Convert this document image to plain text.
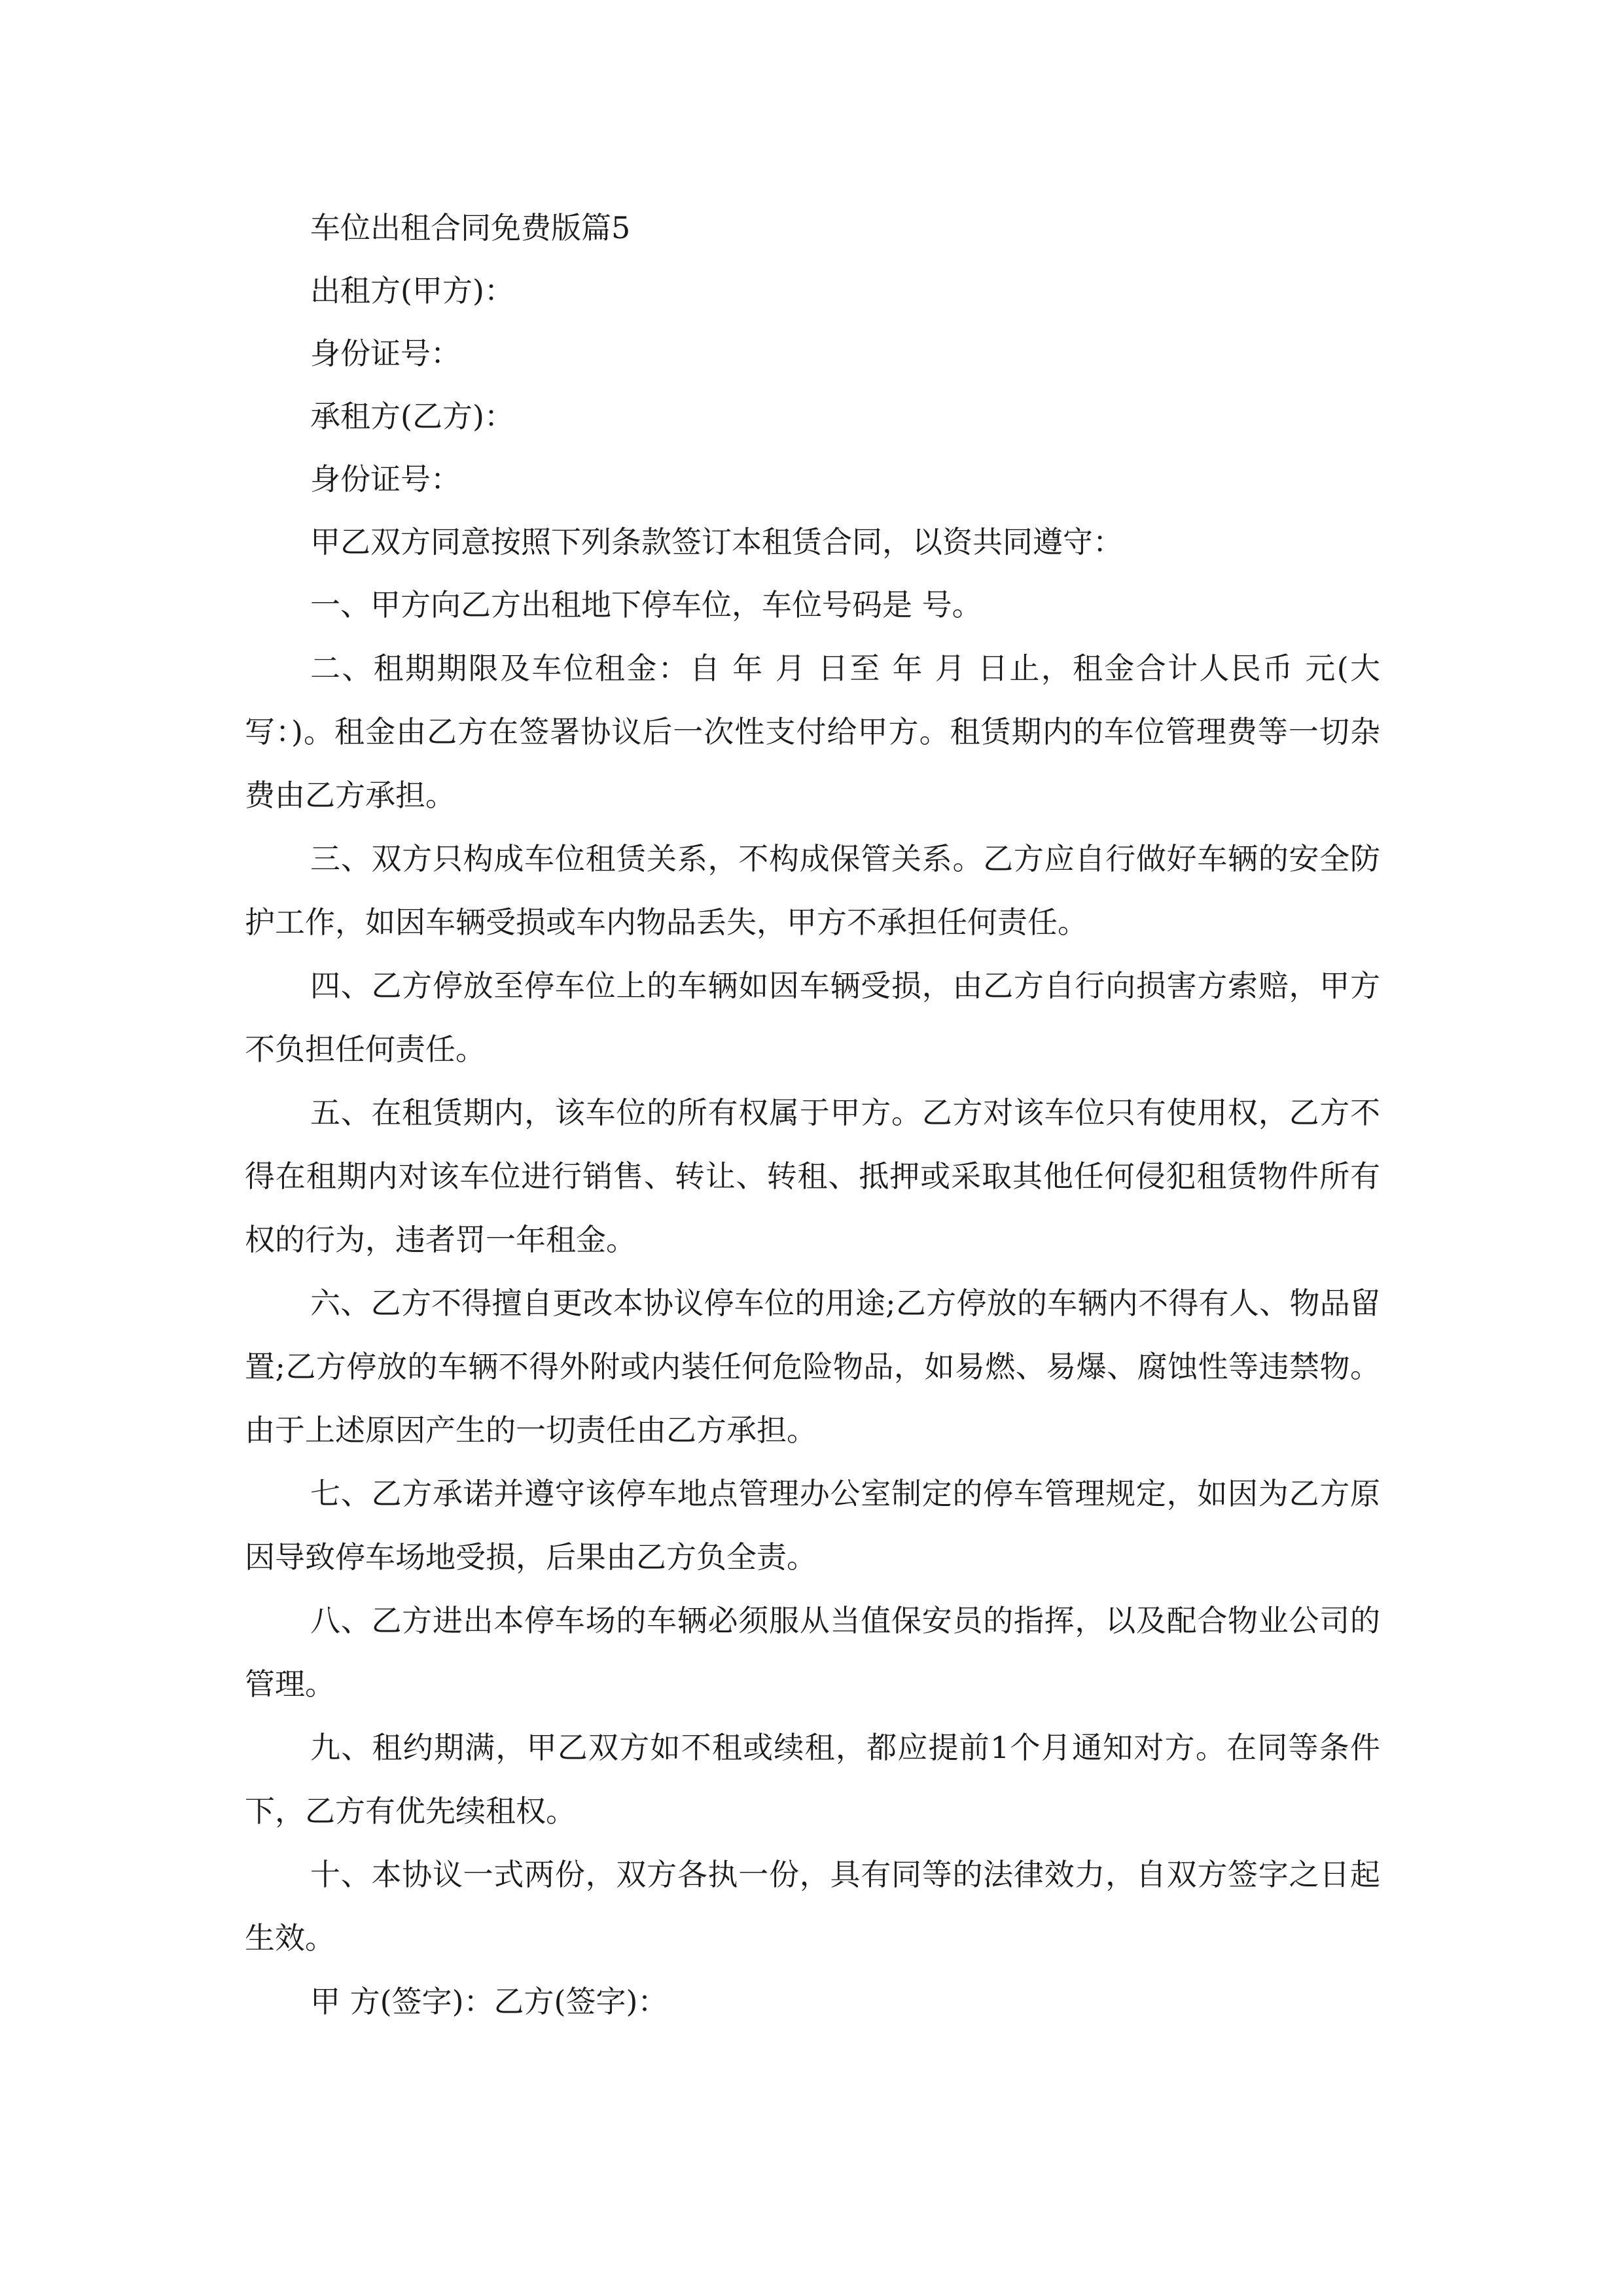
车位出租合同免费版篇5
出租方(甲方)：
身份证号：
承租方(乙方)：
身份证号：
甲乙双方同意按照下列条款签订本租赁合同，以资共同遵守：

一、甲方向乙方出租地下停车位，车位号码是 号。

二、租期期限及车位租金：自 年 月 日至 年 月 日止，租金合计人民币 元(大写：)。租金由乙方在签署协议后一次性支付给甲方。租赁期内的车位管理费等一切杂费由乙方承担。

三、双方只构成车位租赁关系，不构成保管关系。乙方应自行做好车辆的安全防护工作，如因车辆受损或车内物品丢失，甲方不承担任何责任。

四、乙方停放至停车位上的车辆如因车辆受损，由乙方自行向损害方索赔，甲方不负担任何责任。

五、在租赁期内，该车位的所有权属于甲方。乙方对该车位只有使用权，乙方不得在租期内对该车位进行销售、转让、转租、抵押或采取其他任何侵犯租赁物件所有权的行为，违者罚一年租金。

六、乙方不得擅自更改本协议停车位的用途;乙方停放的车辆内不得有人、物品留置;乙方停放的车辆不得外附或内装任何危险物品，如易燃、易爆、腐蚀性等违禁物。由于上述原因产生的一切责任由乙方承担。

七、乙方承诺并遵守该停车地点管理办公室制定的停车管理规定，如因为乙方原因导致停车场地受损，后果由乙方负全责。

八、乙方进出本停车场的车辆必须服从当值保安员的指挥，以及配合物业公司的管理。

九、租约期满，甲乙双方如不租或续租，都应提前1个月通知对方。在同等条件下，乙方有优先续租权。

十、本协议一式两份，双方各执一份，具有同等的法律效力，自双方签字之日起生效。

甲 方(签字)：乙方(签字)：
